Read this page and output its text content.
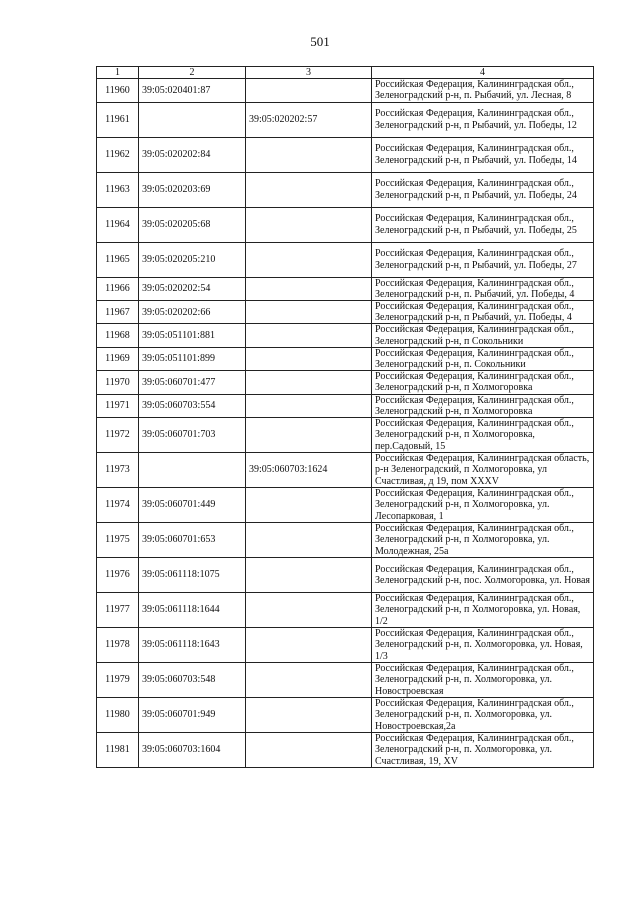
501
1	2	3	4
11960	39:05:020401:87		Российская Федерация, Калининградская обл., Зеленоградский р-н, п. Рыбачий, ул. Лесная, 8
11961		39:05:020202:57	Российская Федерация, Калининградская обл., Зеленоградский р-н, п Рыбачий, ул. Победы, 12
11962	39:05:020202:84		Российская Федерация, Калининградская обл., Зеленоградский р-н, п Рыбачий, ул. Победы, 14
11963	39:05:020203:69		Российская Федерация, Калининградская обл., Зеленоградский р-н, п Рыбачий, ул. Победы, 24
11964	39:05:020205:68		Российская Федерация, Калининградская обл., Зеленоградский р-н, п Рыбачий, ул. Победы, 25
11965	39:05:020205:210		Российская Федерация, Калининградская обл., Зеленоградский р-н, п Рыбачий, ул. Победы, 27
11966	39:05:020202:54		Российская Федерация, Калининградская обл., Зеленоградский р-н, п. Рыбачий, ул. Победы, 4
11967	39:05:020202:66		Российская Федерация, Калининградская обл., Зеленоградский р-н, п Рыбачий, ул. Победы, 4
11968	39:05:051101:881		Российская Федерация, Калининградская обл., Зеленоградский р-н, п Сокольники
11969	39:05:051101:899		Российская Федерация, Калининградская обл., Зеленоградский р-н, п. Сокольники
11970	39:05:060701:477		Российская Федерация, Калининградская обл., Зеленоградский р-н, п Холмогоровка
11971	39:05:060703:554		Российская Федерация, Калининградская обл., Зеленоградский р-н, п Холмогоровка
11972	39:05:060701:703		Российская Федерация, Калининградская обл., Зеленоградский р-н, п Холмогоровка, пер.Садовый, 15
11973		39:05:060703:1624	Российская Федерация, Калининградская область, р-н Зеленоградский, п Холмогоровка, ул Счастливая, д 19, пом XXXV
11974	39:05:060701:449		Российская Федерация, Калининградская обл., Зеленоградский р-н, п Холмогоровка, ул. Лесопарковая, 1
11975	39:05:060701:653		Российская Федерация, Калининградская обл., Зеленоградский р-н, п Холмогоровка, ул. Молодежная, 25а
11976	39:05:061118:1075		Российская Федерация, Калининградская обл., Зеленоградский р-н, пос. Холмогоровка, ул. Новая
11977	39:05:061118:1644		Российская Федерация, Калининградская обл., Зеленоградский р-н, п Холмогоровка, ул. Новая, 1/2
11978	39:05:061118:1643		Российская Федерация, Калининградская обл., Зеленоградский р-н, п. Холмогоровка, ул. Новая, 1/3
11979	39:05:060703:548		Российская Федерация, Калининградская обл., Зеленоградский р-н, п. Холмогоровка, ул. Новостроевская
11980	39:05:060701:949		Российская Федерация, Калининградская обл., Зеленоградский р-н, п. Холмогоровка, ул. Новостроевская,2а
11981	39:05:060703:1604		Российская Федерация, Калининградская обл., Зеленоградский р-н, п. Холмогоровка, ул. Счастливая, 19, XV
